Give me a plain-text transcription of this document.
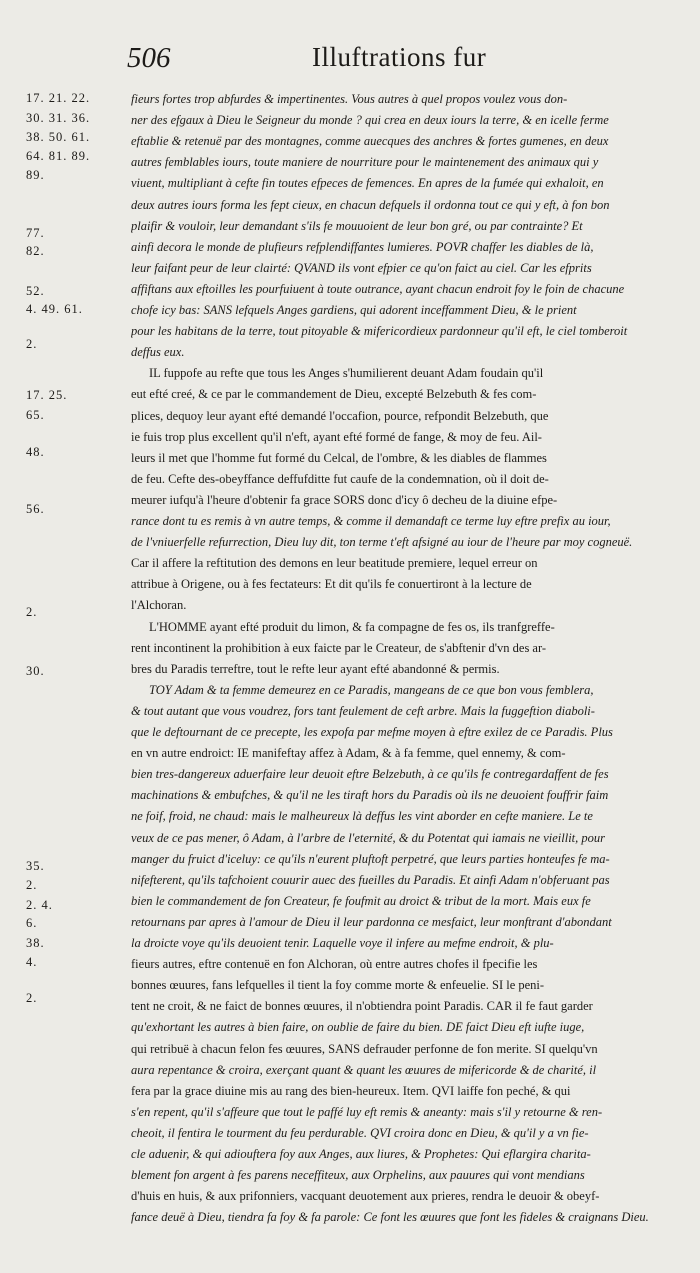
506	Illuftrations fur
17. 21. 22.
30. 31. 36.
38. 50. 61.
64. 81. 89.
89.
77.
82.
52.
4. 49. 61.
2.
17. 25.
65.
48.
56.
2.
30.
35.
2.
2. 4.
6.
38.
4.
2.
fieurs fortes trop abfurdes & impertinentes. Vous autres à quel propos voulez vous don-
ner des efgaux à Dieu le Seigneur du monde ? qui crea en deux iours la terre, & en icelle ferme
eftablie & retenuë par des montagnes, comme auecques des anchres & fortes gumenes, en deux
autres femblables iours, toute maniere de nourriture pour le maintenement des animaux qui y
viuent, multipliant à cefte fin toutes efpeces de femences. En apres de la fumée qui exhaloit, en
deux autres iours forma les fept cieux, en chacun defquels il ordonna tout ce qui y eft, à fon bon
plaifir & vouloir, leur demandant s'ils fe mouuoient de leur bon gré, ou par contrainte? Et
ainfi decora le monde de plufieurs refplendiffantes lumieres. POVR chaffer les diables de là,
leur faifant peur de leur clairté: QVAND ils vont efpier ce qu'on faict au ciel. Car les efprits
affiftans aux eftoilles les pourfuiuent à toute outrance, ayant chacun endroit foy le foin de chacune
chofe icy bas: SANS lefquels Anges gardiens, qui adorent inceffamment Dieu, & le prient
pour les habitans de la terre, tout pitoyable & mifericordieux pardonneur qu'il eft, le ciel tomberoit
deffus eux.
IL fuppofe au refte que tous les Anges s'humilierent deuant Adam foudain qu'il
eut efté creé, & ce par le commandement de Dieu, excepté Belzebuth & fes com-
plices, dequoy leur ayant efté demandé l'occafion, pource, refpondit Belzebuth, que
ie fuis trop plus excellent qu'il n'eft, ayant efté formé de fange, & moy de feu. Ail-
leurs il met que l'homme fut formé du Celcal, de l'ombre, & les diables de flammes
de feu. Cefte des-obeyffance deffufditte fut caufe de la condemnation, où il doit de-
meurer iufqu'à l'heure d'obtenir fa grace SORS donc d'icy ô decheu de la diuine efpe-
rance dont tu es remis à vn autre temps, & comme il demandaft ce terme luy eftre prefix au iour,
de l'vniuerfelle refurrection, Dieu luy dit, ton terme t'eft afsigné au iour de l'heure par moy cogneuë.
Car il affere la reftitution des demons en leur beatitude premiere, lequel erreur on
attribue à Origene, ou à fes fectateurs: Et dit qu'ils fe conuertiront à la lecture de
l'Alchoran.
L'HOMME ayant efté produit du limon, & fa compagne de fes os, ils tranfgreffe-
rent incontinent la prohibition à eux faicte par le Createur, de s'abftenir d'vn des ar-
bres du Paradis terreftre, tout le refte leur ayant efté abandonné & permis.
TOY Adam & ta femme demeurez en ce Paradis, mangeans de ce que bon vous femblera,
& tout autant que vous voudrez, fors tant feulement de ceft arbre. Mais la fuggeftion diaboli-
que le deftournant de ce precepte, les expofa par mefme moyen à eftre exilez de ce Paradis. Plus
en vn autre endroict: IE manifeftay affez à Adam, & à fa femme, quel ennemy, & com-
bien tres-dangereux aduerfaire leur deuoit eftre Belzebuth, à ce qu'ils fe contregardaffent de fes
machinations & embufches, & qu'il ne les tiraft hors du Paradis où ils ne deuoient fouffrir faim
ne foif, froid, ne chaud: mais le malheureux là deffus les vint aborder en cefte maniere. Le te
veux de ce pas mener, ô Adam, à l'arbre de l'eternité, & du Potentat qui iamais ne vieillit, pour
manger du fruict d'iceluy: ce qu'ils n'eurent pluftoft perpetré, que leurs parties honteufes fe ma-
nifefterent, qu'ils tafchoient couurir auec des fueilles du Paradis. Et ainfi Adam n'obferuant pas
bien le commandement de fon Createur, fe foufmit au droict & tribut de la mort. Mais eux fe
retournans par apres à l'amour de Dieu il leur pardonna ce mesfaict, leur monftrant d'abondant
la droicte voye qu'ils deuoient tenir. Laquelle voye il infere au mefme endroit, & plu-
fieurs autres, eftre contenuë en fon Alchoran, où entre autres chofes il fpecifie les
bonnes œuures, fans lefquelles il tient la foy comme morte & enfeuelie. SI le peni-
tent ne croit, & ne faict de bonnes œuures, il n'obtiendra point Paradis. CAR il fe faut garder
qu'exhortant les autres à bien faire, on oublie de faire du bien. DE faict Dieu eft iufte iuge,
qui retribuë à chacun felon fes œuures, SANS defrauder perfonne de fon merite. SI quelqu'vn
aura repentance & croira, exerçant quant & quant les œuures de mifericorde & de charité, il
fera par la grace diuine mis au rang des bien-heureux. Item. QVI laiffe fon peché, & qui
s'en repent, qu'il s'affeure que tout le paffé luy eft remis & aneanty: mais s'il y retourne & ren-
cheoit, il fentira le tourment du feu perdurable. QVI croira donc en Dieu, & qu'il y a vn fie-
cle aduenir, & qui adiouftera foy aux Anges, aux liures, & Prophetes: Qui eflargira charita-
blement fon argent à fes parens neceffiteux, aux Orphelins, aux pauures qui vont mendians
d'huis en huis, & aux prifonniers, vacquant deuotement aux prieres, rendra le deuoir & obeyf-
fance deuë à Dieu, tiendra fa foy & fa parole: Ce font les œuures que font les fideles & craignans Dieu.
